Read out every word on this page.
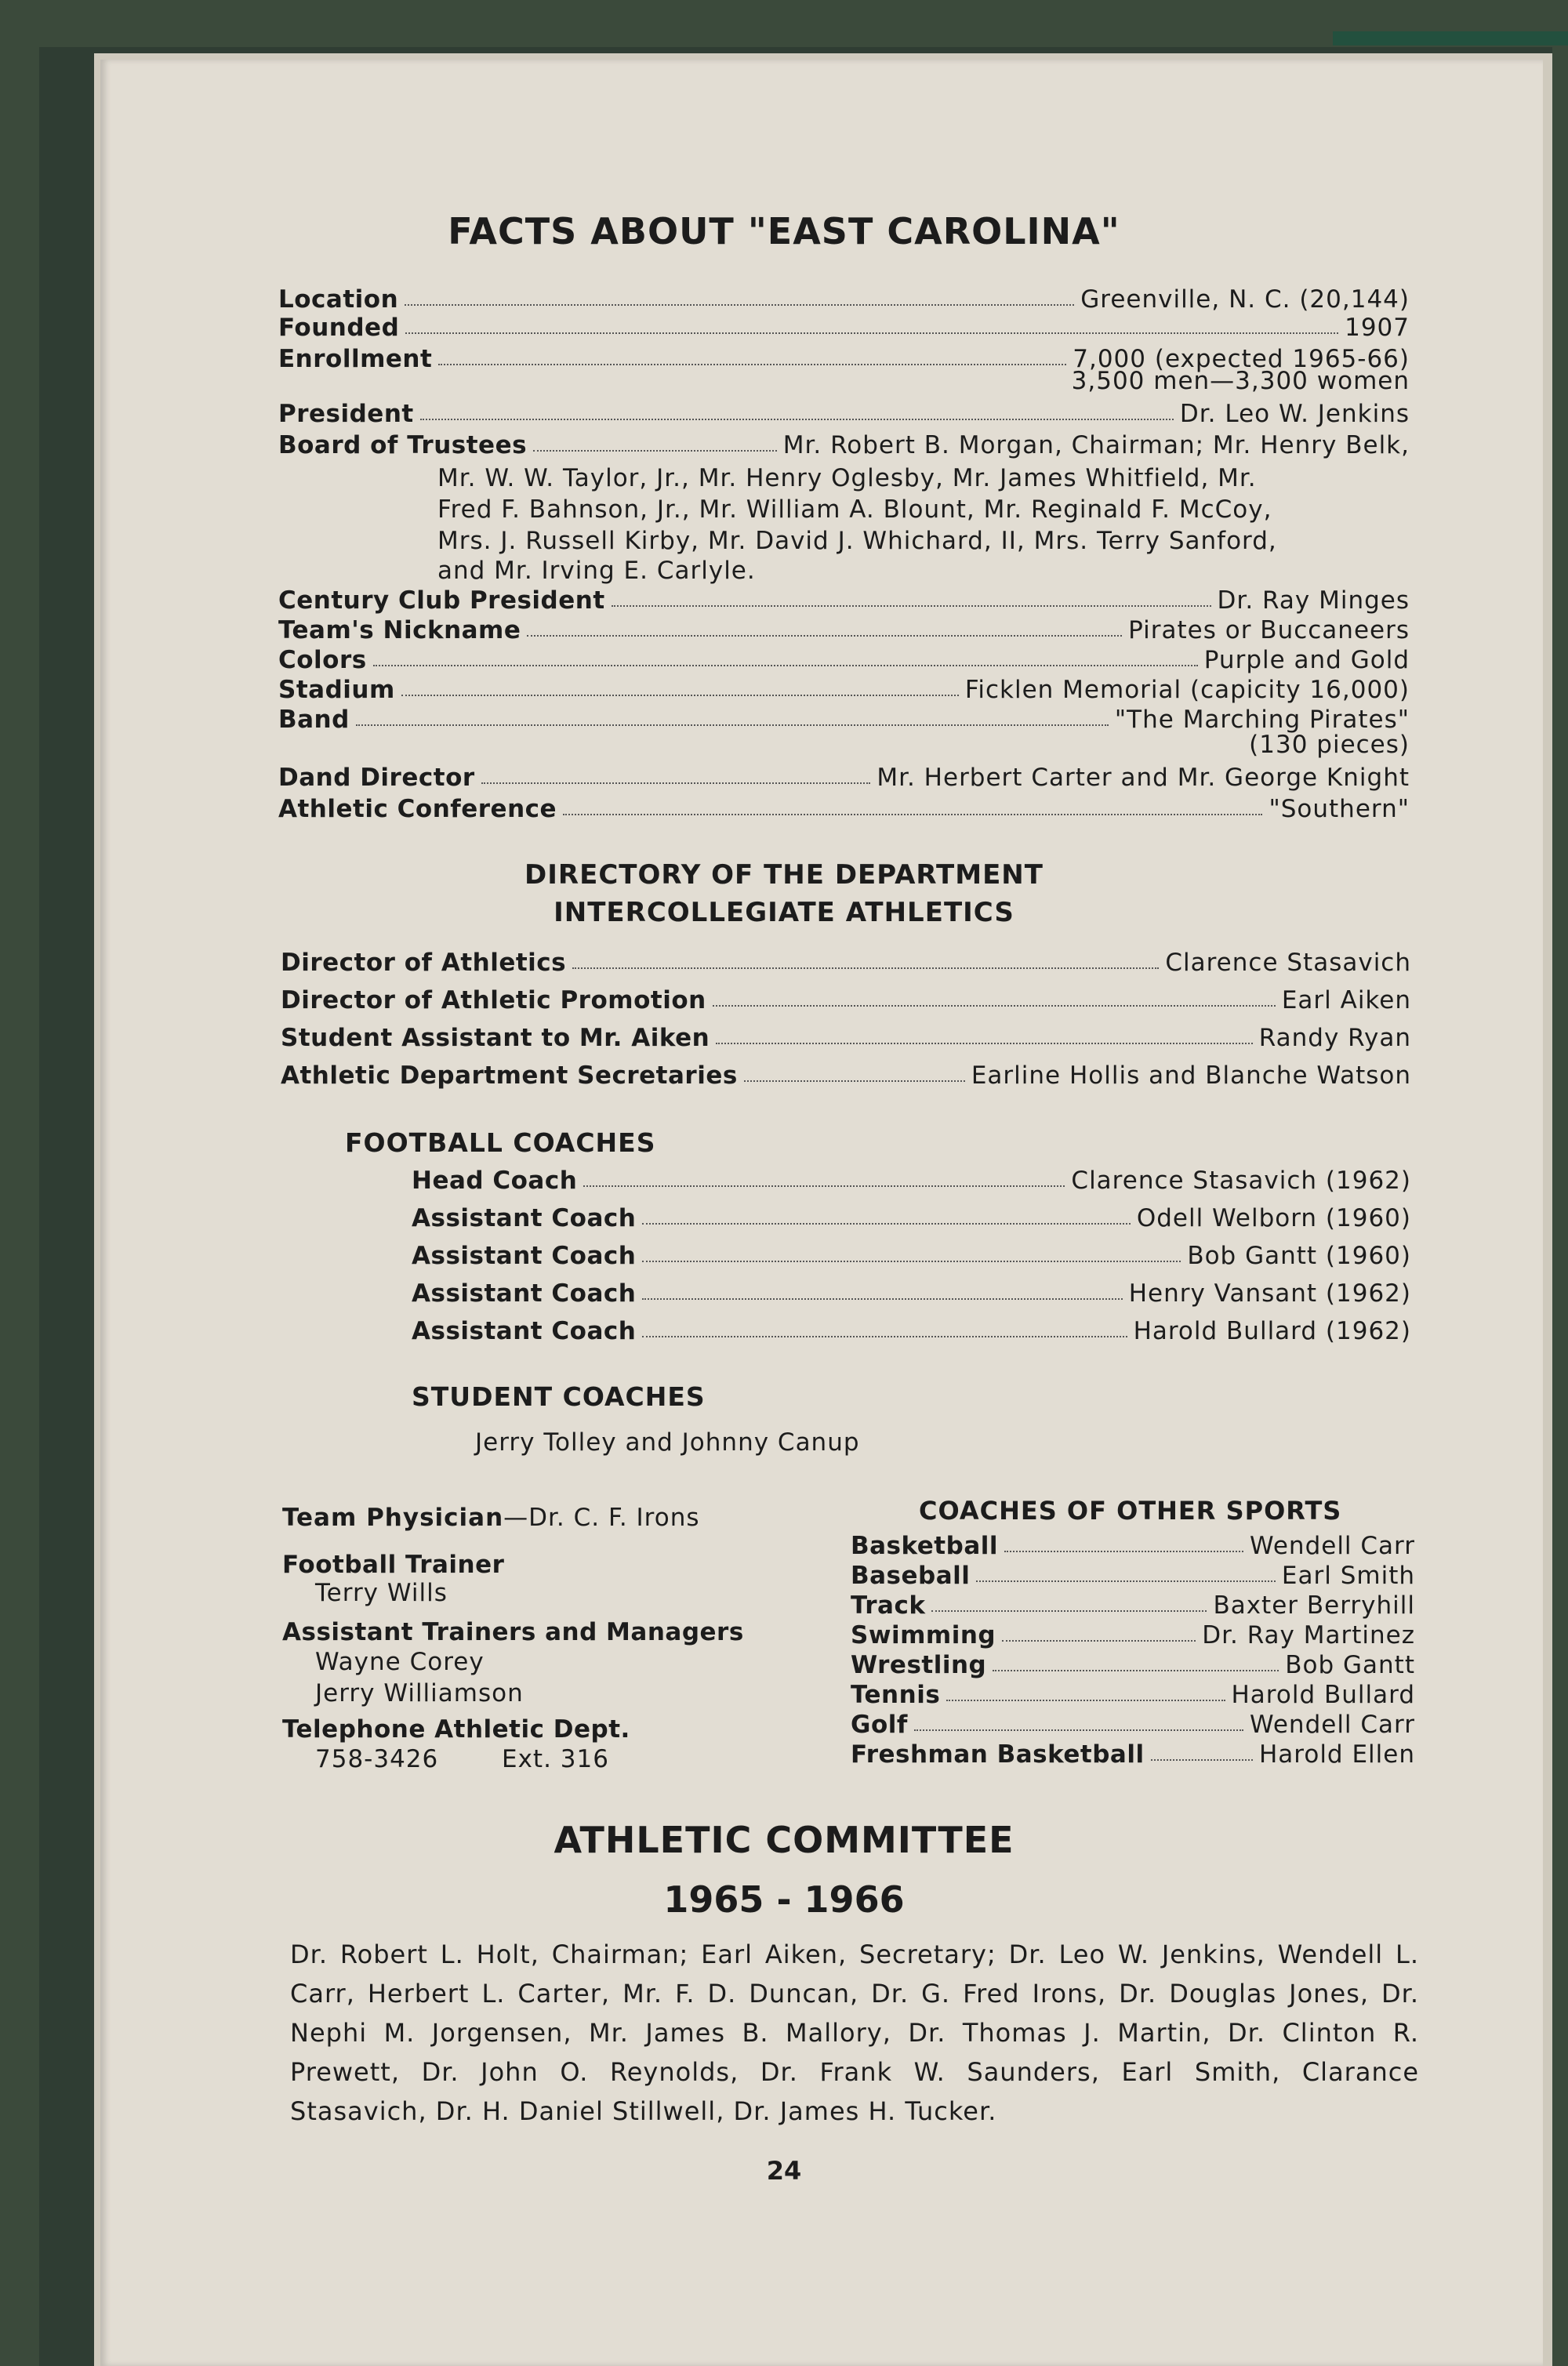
FACTS ABOUT "EAST CAROLINA"
Location	Greenville, N. C. (20,144)
Founded	1907
Enrollment	7,000 (expected 1965-66)
3,500 men—3,300 women
President	Dr. Leo W. Jenkins
Board of Trustees	Mr. Robert B. Morgan, Chairman; Mr. Henry Belk,
Mr. W. W. Taylor, Jr., Mr. Henry Oglesby, Mr. James Whitfield, Mr.
Fred F. Bahnson, Jr., Mr. William A. Blount, Mr. Reginald F. McCoy,
Mrs. J. Russell Kirby, Mr. David J. Whichard, II, Mrs. Terry Sanford,
and Mr. Irving E. Carlyle.
Century Club President	Dr. Ray Minges
Team's Nickname	Pirates or Buccaneers
Colors	Purple and Gold
Stadium	Ficklen Memorial (capicity 16,000)
Band	"The Marching Pirates"
(130 pieces)
Dand Director	Mr. Herbert Carter and Mr. George Knight
Athletic Conference	"Southern"
DIRECTORY OF THE DEPARTMENT
INTERCOLLEGIATE ATHLETICS
Director of Athletics	Clarence Stasavich
Director of Athletic Promotion	Earl Aiken
Student Assistant to Mr. Aiken	Randy Ryan
Athletic Department Secretaries	Earline Hollis and Blanche Watson
FOOTBALL COACHES
Head Coach	Clarence Stasavich (1962)
Assistant Coach	Odell Welborn (1960)
Assistant Coach	Bob Gantt (1960)
Assistant Coach	Henry Vansant (1962)
Assistant Coach	Harold Bullard (1962)
STUDENT COACHES
Jerry Tolley and Johnny Canup
Team Physician—Dr. C. F. Irons
Football Trainer
Terry Wills
Assistant Trainers and Managers
Wayne Corey
Jerry Williamson
Telephone Athletic Dept.
758-3426	Ext. 316
COACHES OF OTHER SPORTS
Basketball	Wendell Carr
Baseball	Earl Smith
Track	Baxter Berryhill
Swimming	Dr. Ray Martinez
Wrestling	Bob Gantt
Tennis	Harold Bullard
Golf	Wendell Carr
Freshman Basketball	Harold Ellen
ATHLETIC COMMITTEE
1965 - 1966
Dr. Robert L. Holt, Chairman; Earl Aiken, Secretary; Dr. Leo W. Jenkins, Wendell L. Carr, Herbert L. Carter, Mr. F. D. Duncan, Dr. G. Fred Irons, Dr. Douglas Jones, Dr. Nephi M. Jorgensen, Mr. James B. Mallory, Dr. Thomas J. Martin, Dr. Clinton R. Prewett, Dr. John O. Reynolds, Dr. Frank W. Saunders, Earl Smith, Clarance Stasavich, Dr. H. Daniel Stillwell, Dr. James H. Tucker.
24
